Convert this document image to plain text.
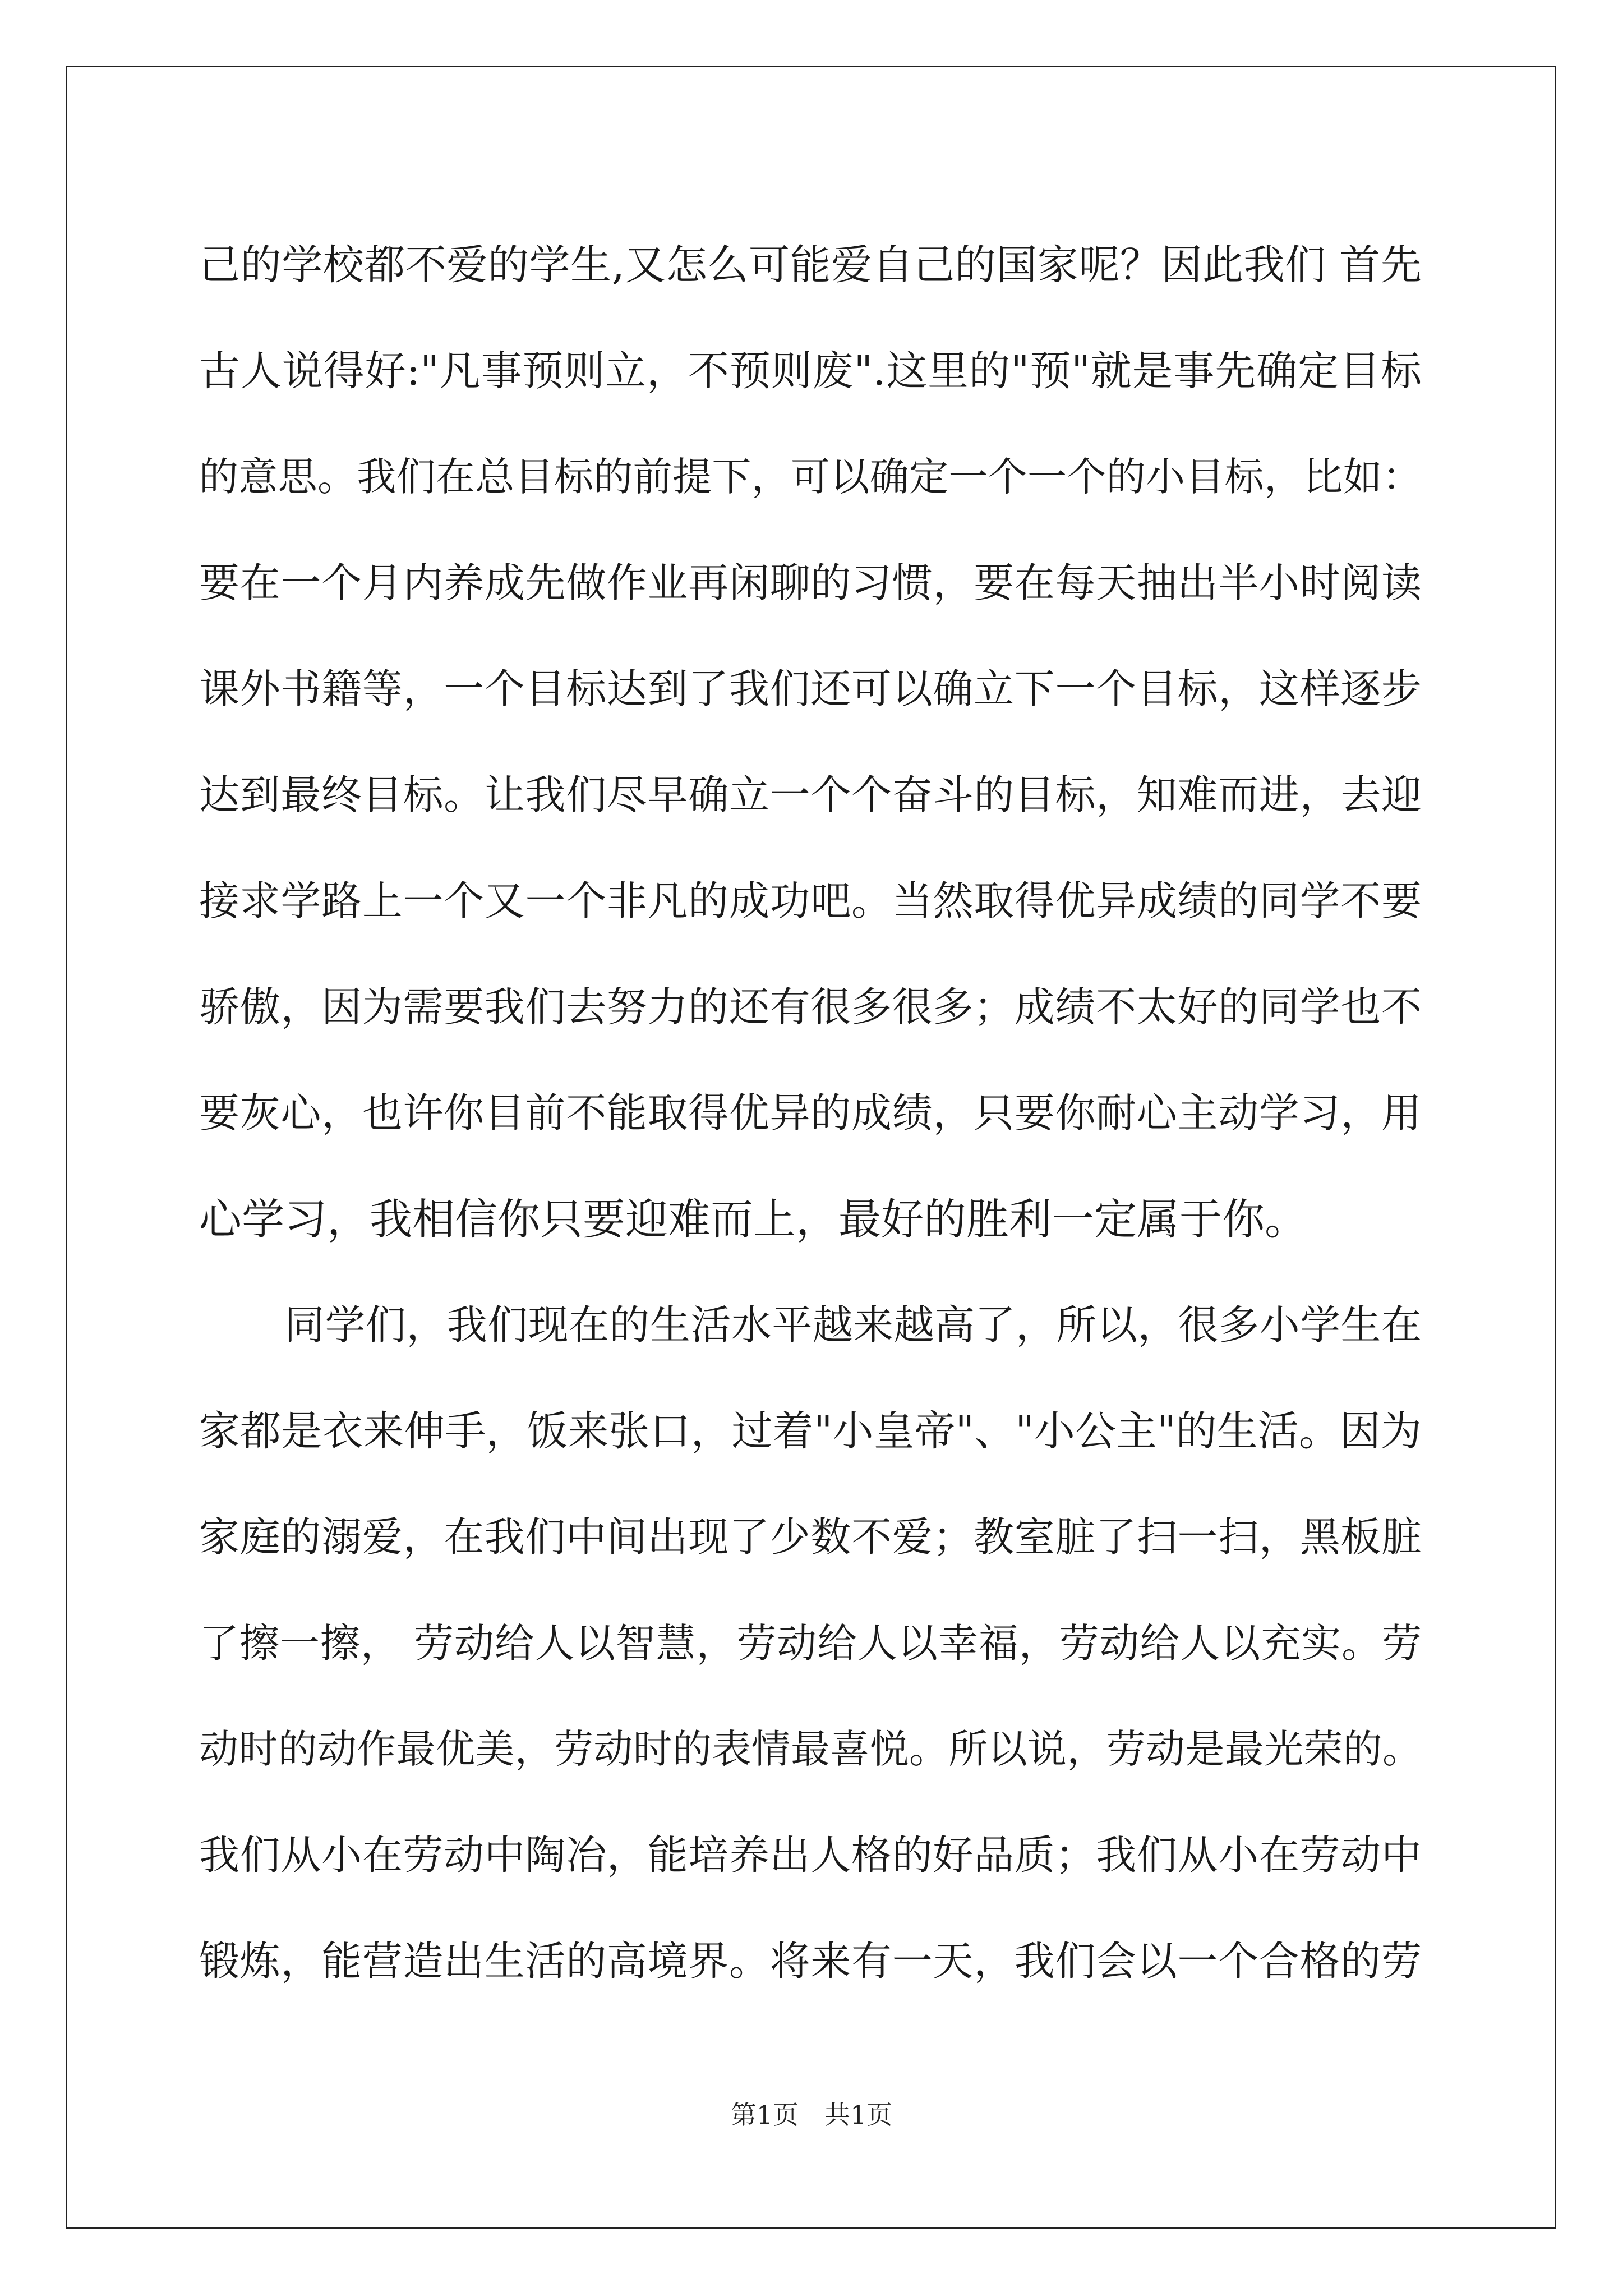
己的学校都不爱的学生,又怎么可能爱自己的国家呢？因此我们 首先
古人说得好:"凡事预则立，不预则废".这里的"预"就是事先确定目标
的意思。我们在总目标的前提下，可以确定一个一个的小目标，比如：
要在一个月内养成先做作业再闲聊的习惯，要在每天抽出半小时阅读
课外书籍等，一个目标达到了我们还可以确立下一个目标，这样逐步
达到最终目标。让我们尽早确立一个个奋斗的目标，知难而进，去迎
接求学路上一个又一个非凡的成功吧。当然取得优异成绩的同学不要
骄傲，因为需要我们去努力的还有很多很多；成绩不太好的同学也不
要灰心，也许你目前不能取得优异的成绩，只要你耐心主动学习，用
心学习，我相信你只要迎难而上，最好的胜利一定属于你。
同学们，我们现在的生活水平越来越高了，所以，很多小学生在
家都是衣来伸手，饭来张口，过着"小皇帝"、"小公主"的生活。因为
家庭的溺爱，在我们中间出现了少数不爱；教室脏了扫一扫，黑板脏
了擦一擦， 劳动给人以智慧，劳动给人以幸福，劳动给人以充实。劳
动时的动作最优美，劳动时的表情最喜悦。所以说，劳动是最光荣的。
我们从小在劳动中陶冶，能培养出人格的好品质；我们从小在劳动中
锻炼，能营造出生活的高境界。将来有一天，我们会以一个合格的劳
第1页 共1页
